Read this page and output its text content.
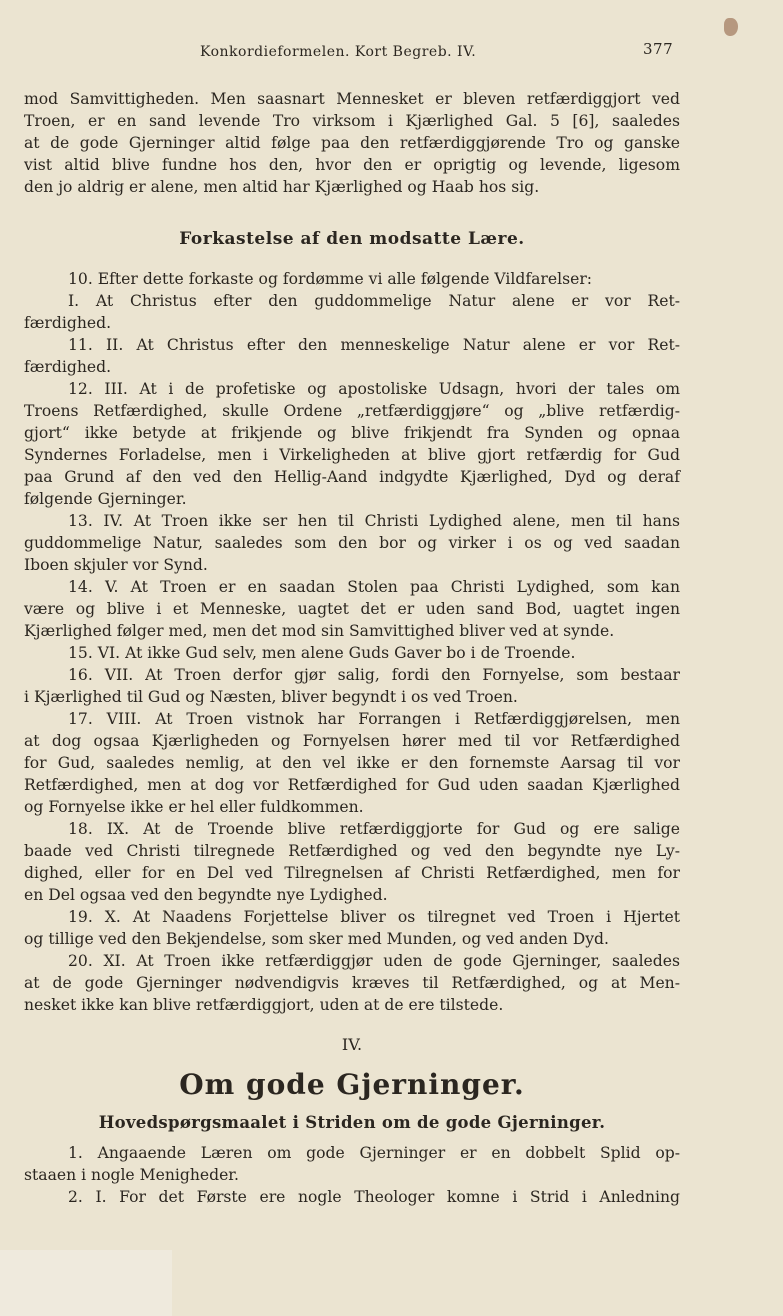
Konkordieformelen. Kort Begreb. IV.	377
mod Samvittigheden. Men saasnart Mennesket er bleven retfærdiggjort ved
Troen, er en sand levende Tro virksom i Kjærlighed Gal. 5 [6], saaledes
at de gode Gjerninger altid følge paa den retfærdiggjørende Tro og ganske
vist altid blive fundne hos den, hvor den er oprigtig og levende, ligesom
den jo aldrig er alene, men altid har Kjærlighed og Haab hos sig.
Forkastelse af den modsatte Lære.
10. Efter dette forkaste og fordømme vi alle følgende Vildfarelser:
I. At Christus efter den guddommelige Natur alene er vor Ret-
færdighed.
11. II. At Christus efter den menneskelige Natur alene er vor Ret-
færdighed.
12. III. At i de profetiske og apostoliske Udsagn, hvori der tales om
Troens Retfærdighed, skulle Ordene „retfærdiggjøre“ og „blive retfærdig-
gjort“ ikke betyde at frikjende og blive frikjendt fra Synden og opnaa
Syndernes Forladelse, men i Virkeligheden at blive gjort retfærdig for Gud
paa Grund af den ved den Hellig-Aand indgydte Kjærlighed, Dyd og deraf
følgende Gjerninger.
13. IV. At Troen ikke ser hen til Christi Lydighed alene, men til hans
guddommelige Natur, saaledes som den bor og virker i os og ved saadan
Iboen skjuler vor Synd.
14. V. At Troen er en saadan Stolen paa Christi Lydighed, som kan
være og blive i et Menneske, uagtet det er uden sand Bod, uagtet ingen
Kjærlighed følger med, men det mod sin Samvittighed bliver ved at synde.
15. VI. At ikke Gud selv, men alene Guds Gaver bo i de Troende.
16. VII. At Troen derfor gjør salig, fordi den Fornyelse, som bestaar
i Kjærlighed til Gud og Næsten, bliver begyndt i os ved Troen.
17. VIII. At Troen vistnok har Forrangen i Retfærdiggjørelsen, men
at dog ogsaa Kjærligheden og Fornyelsen hører med til vor Retfærdighed
for Gud, saaledes nemlig, at den vel ikke er den fornemste Aarsag til vor
Retfærdighed, men at dog vor Retfærdighed for Gud uden saadan Kjærlighed
og Fornyelse ikke er hel eller fuldkommen.
18. IX. At de Troende blive retfærdiggjorte for Gud og ere salige
baade ved Christi tilregnede Retfærdighed og ved den begyndte nye Ly-
dighed, eller for en Del ved Tilregnelsen af Christi Retfærdighed, men for
en Del ogsaa ved den begyndte nye Lydighed.
19. X. At Naadens Forjettelse bliver os tilregnet ved Troen i Hjertet
og tillige ved den Bekjendelse, som sker med Munden, og ved anden Dyd.
20. XI. At Troen ikke retfærdiggjør uden de gode Gjerninger, saaledes
at de gode Gjerninger nødvendigvis kræves til Retfærdighed, og at Men-
nesket ikke kan blive retfærdiggjort, uden at de ere tilstede.
IV.
Om gode Gjerninger.
Hovedspørgsmaalet i Striden om de gode Gjerninger.
1. Angaaende Læren om gode Gjerninger er en dobbelt Splid op-
staaen i nogle Menigheder.
2. I. For det Første ere nogle Theologer komne i Strid i Anledning
